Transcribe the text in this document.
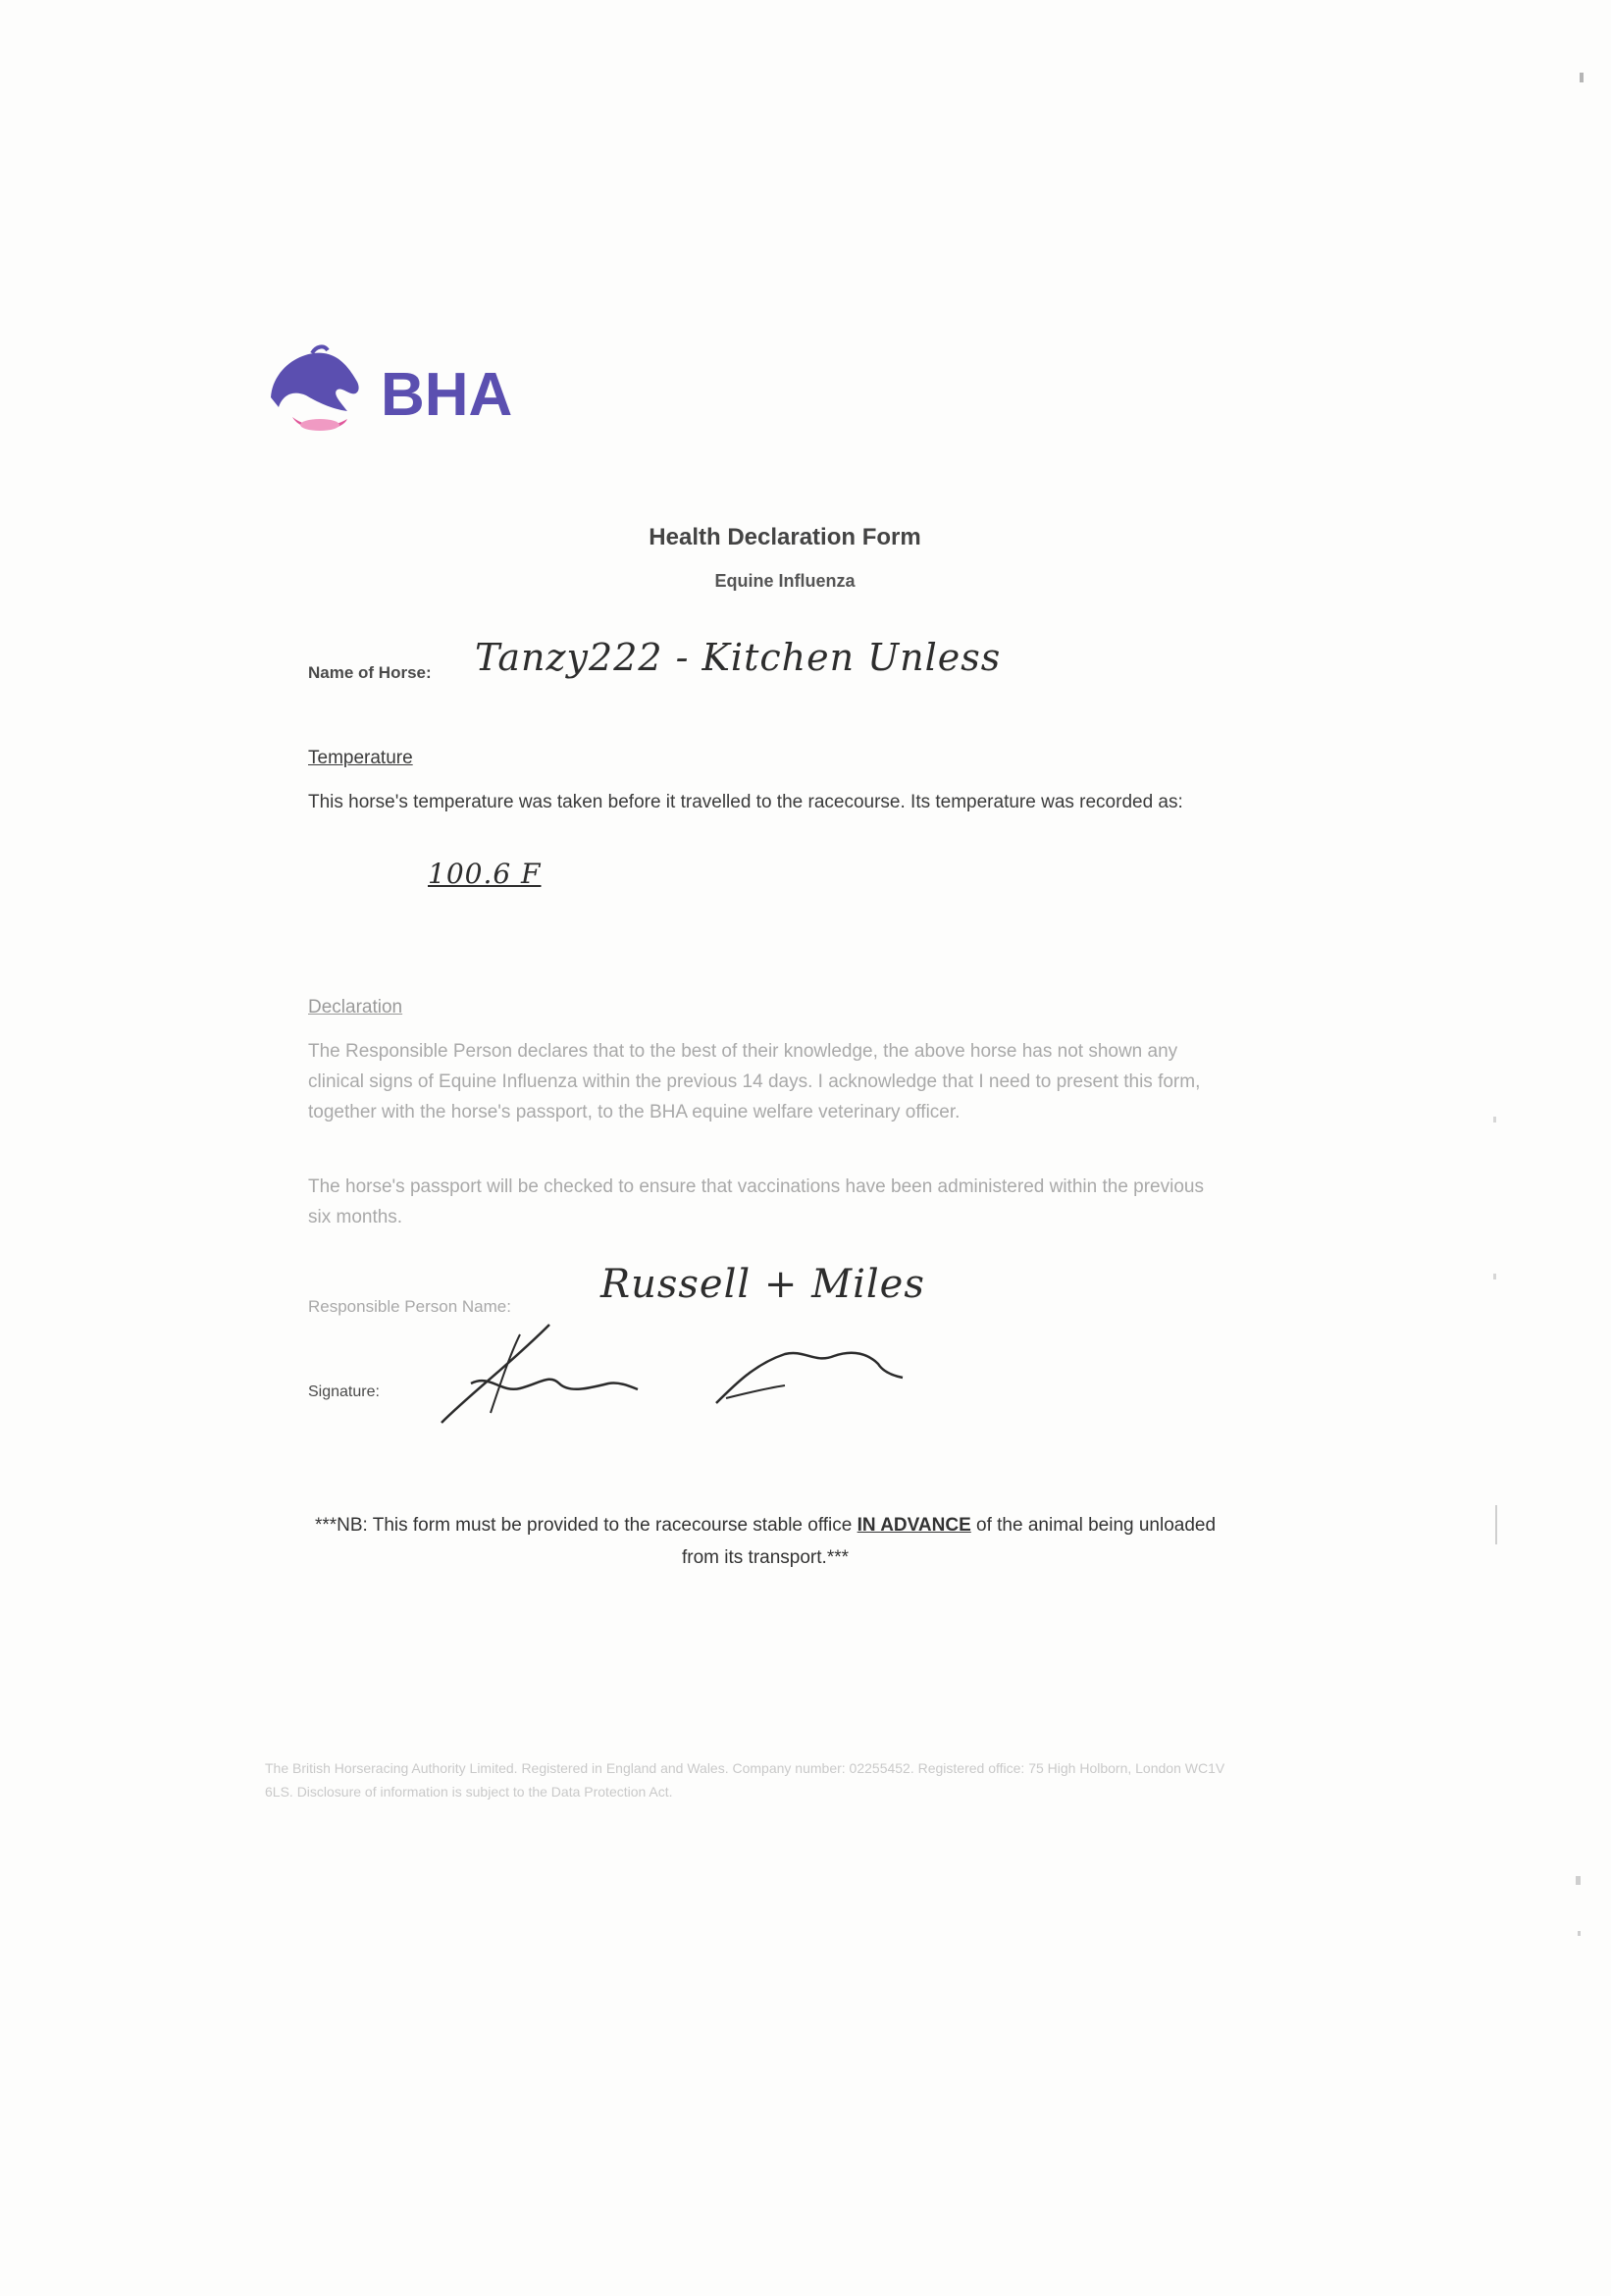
BHA
Health Declaration Form
Equine Influenza
Name of Horse: Tanzy222 - Kitchen Unless
Temperature
This horse's temperature was taken before it travelled to the racecourse. Its temperature was recorded as:
100.6 F
Declaration
The Responsible Person declares that to the best of their knowledge, the above horse has not shown any clinical signs of Equine Influenza within the previous 14 days. I acknowledge that I need to present this form, together with the horse's passport, to the BHA equine welfare veterinary officer.
The horse's passport will be checked to ensure that vaccinations have been administered within the previous six months.
Responsible Person Name: Russell + Miles
Signature:
***NB: This form must be provided to the racecourse stable office IN ADVANCE of the animal being unloaded from its transport.***
The British Horseracing Authority Limited. Registered in England and Wales. Company number: 02255452. Registered office: 75 High Holborn, London WC1V 6LS. Disclosure of information is subject to the Data Protection Act.
